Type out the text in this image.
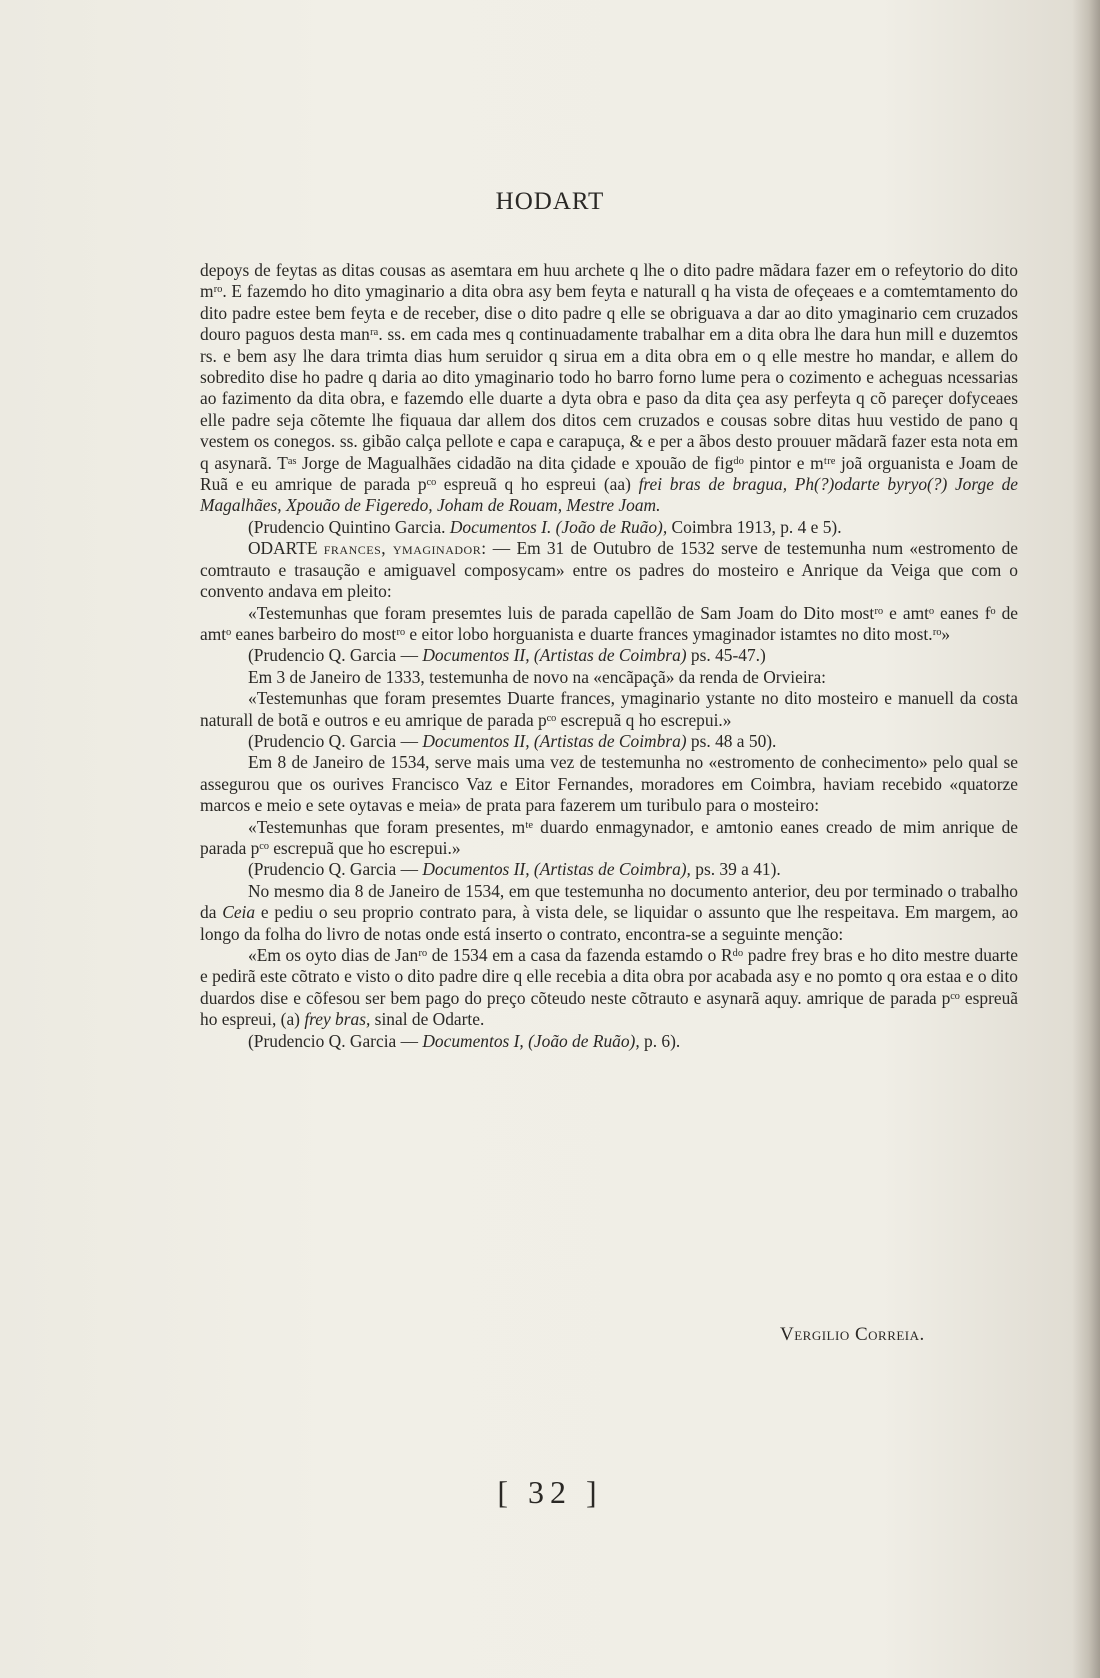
HODART

depoys de feytas as ditas cousas as asemtara em huu archete q lhe o dito padre mãdara fazer em o refeytorio do dito mʳᵒ. E fazemdo ho dito ymaginario a dita obra asy bem feyta e naturall q ha vista de ofeçeaes e a comtemtamento do dito padre estee bem feyta e de receber, dise o dito padre q elle se obriguava a dar ao dito ymaginario cem cruzados douro paguos desta manʳᵃ. ss. em cada mes q continuadamente trabalhar em a dita obra lhe dara hun mill e duzemtos rs. e bem asy lhe dara trimta dias hum seruidor q sirua em a dita obra em o q elle mestre ho mandar, e allem do sobredito dise ho padre q daria ao dito ymaginario todo ho barro forno lume pera o cozimento e acheguas ncessarias ao fazimento da dita obra, e fazemdo elle duarte a dyta obra e paso da dita çea asy perfeyta q cõ pareçer dofyceaes elle padre seja cõtemte lhe fiquaua dar allem dos ditos cem cruzados e cousas sobre ditas huu vestido de pano q vestem os conegos. ss. gibão calça pellote e capa e carapuça, & e per a ãbos desto prouuer mãdarã fazer esta nota em q asynarã. Tᵃˢ Jorge de Magualhães cidadão na dita çidade e xpouão de figᵈᵒ pintor e mᵗʳᵉ joã orguanista e Joam de Ruã e eu amrique de parada pᶜᵒ espreuã q ho espreui (aa) frei bras de bragua, Ph(?)odarte byryo(?) Jorge de Magalhães, Xpouão de Figeredo, Joham de Rouam, Mestre Joam.

(Prudencio Quintino Garcia. Documentos I. (João de Ruão), Coimbra 1913, p. 4 e 5).

ODARTE frances, ymaginador: — Em 31 de Outubro de 1532 serve de testemunha num «estromento de comtrauto e trasaução e amiguavel composycam» entre os padres do mosteiro e Anrique da Veiga que com o convento andava em pleito:

«Testemunhas que foram presemtes luis de parada capellão de Sam Joam do Dito mostʳᵒ e amtᵒ eanes fᵒ de amtᵒ eanes barbeiro do mostʳᵒ e eitor lobo horguanista e duarte frances ymaginador istamtes no dito most.ʳᵒ»

(Prudencio Q. Garcia — Documentos II, (Artistas de Coimbra) ps. 45-47.)

Em 3 de Janeiro de 1333, testemunha de novo na «encãpaçã» da renda de Orvieira:

«Testemunhas que foram presemtes Duarte frances, ymaginario ystante no dito mosteiro e manuell da costa naturall de botã e outros e eu amrique de parada pᶜᵒ escrepuã q ho escrepui.»

(Prudencio Q. Garcia — Documentos II, (Artistas de Coimbra) ps. 48 a 50).

Em 8 de Janeiro de 1534, serve mais uma vez de testemunha no «estromento de conhecimento» pelo qual se assegurou que os ourives Francisco Vaz e Eitor Fernandes, moradores em Coimbra, haviam recebido «quatorze marcos e meio e sete oytavas e meia» de prata para fazerem um turibulo para o mosteiro:

«Testemunhas que foram presentes, mᵗᵉ duardo enmagynador, e amtonio eanes creado de mim anrique de parada pᶜᵒ escrepuã que ho escrepui.»

(Prudencio Q. Garcia — Documentos II, (Artistas de Coimbra), ps. 39 a 41).

No mesmo dia 8 de Janeiro de 1534, em que testemunha no documento anterior, deu por terminado o trabalho da Ceia e pediu o seu proprio contrato para, à vista dele, se liquidar o assunto que lhe respeitava. Em margem, ao longo da folha do livro de notas onde está inserto o contrato, encontra-se a seguinte menção:

«Em os oyto dias de Janʳᵒ de 1534 em a casa da fazenda estamdo o Rᵈᵒ padre frey bras e ho dito mestre duarte e pedirã este cõtrato e visto o dito padre dire q elle recebia a dita obra por acabada asy e no pomto q ora estaa e o dito duardos dise e cõfesou ser bem pago do preço cõteudo neste cõtrauto e asynarã aquy. amrique de parada pᶜᵒ espreuã ho espreui, (a) frey bras, sinal de Odarte.

(Prudencio Q. Garcia — Documentos I, (João de Ruão), p. 6).

Vergilio Correia.
[ 32 ]
